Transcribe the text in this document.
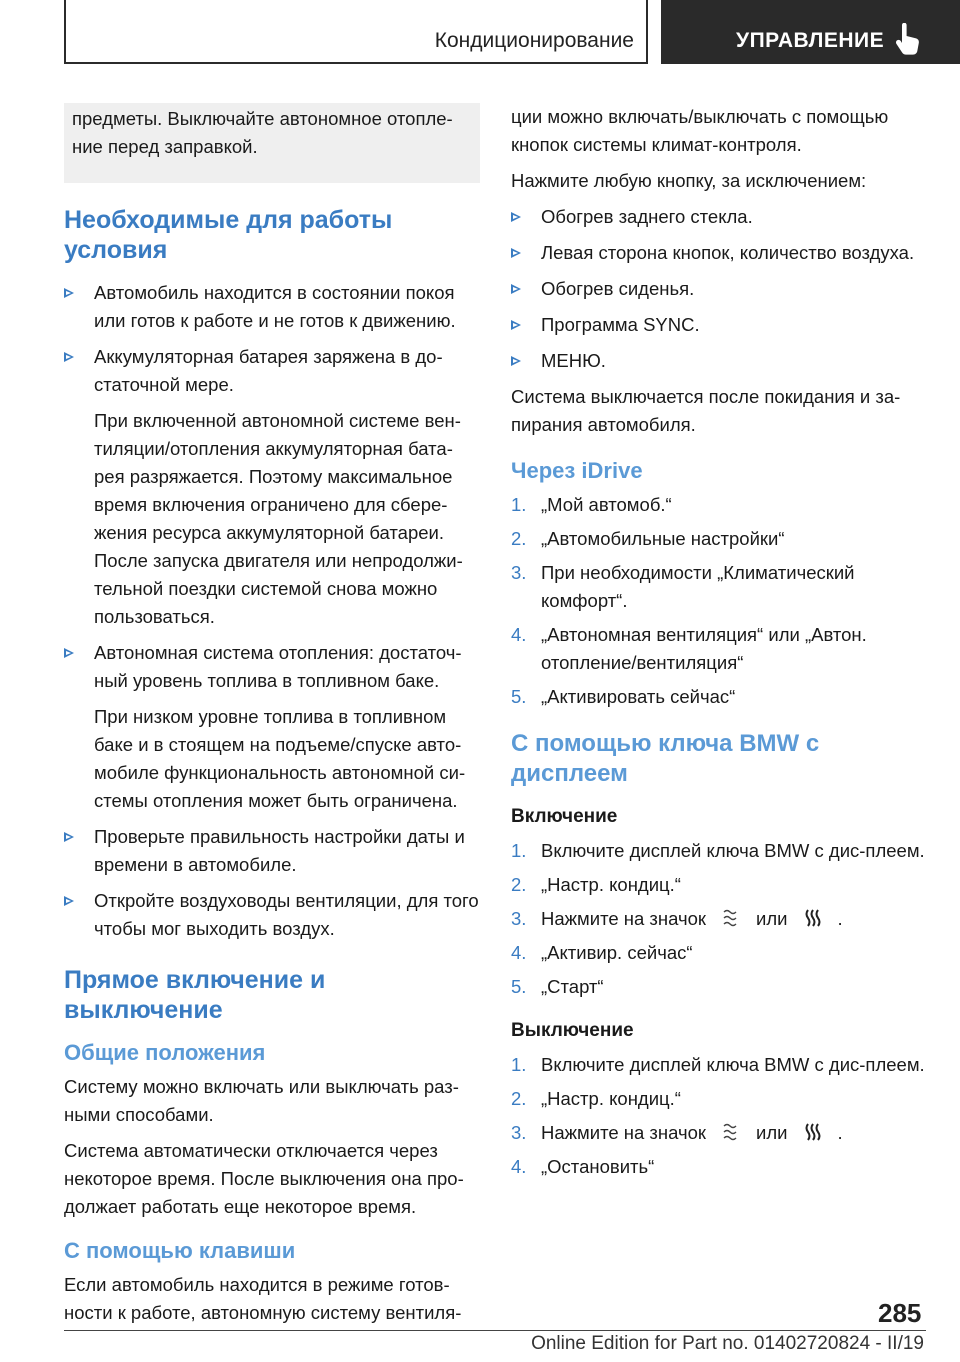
Кондиционирование	УПРАВЛЕНИЕ

предметы. Выключайте автономное отопле-ние перед заправкой.

Необходимые для работы условия

Автомобиль находится в состоянии покоя или готов к работе и не готов к движению.

Аккумуляторная батарея заряжена в до-статочной мере.

При включенной автономной системе вен-тиляции/отопления аккумуляторная бата-рея разряжается. Поэтому максимальное время включения ограничено для сбере-жения ресурса аккумуляторной батареи. После запуска двигателя или непродолжи-тельной поездки системой снова можно пользоваться.

Автономная система отопления: достаточ-ный уровень топлива в топливном баке.

При низком уровне топлива в топливном баке и в стоящем на подъеме/спуске авто-мобиле функциональность автономной си-стемы отопления может быть ограничена.

Проверьте правильность настройки даты и времени в автомобиле.

Откройте воздуховоды вентиляции, для того чтобы мог выходить воздух.

Прямое включение и выключение
Общие положения

Систему можно включать или выключать раз-ными способами.

Система автоматически отключается через некоторое время. После выключения она про-должает работать еще некоторое время.

С помощью клавиши

Если автомобиль находится в режиме готов-ности к работе, автономную систему вентиля-

ции можно включать/выключать с помощью кнопок системы климат-контроля.

Нажмите любую кнопку, за исключением:

Обогрев заднего стекла.

Левая сторона кнопок, количество воздуха.

Обогрев сиденья.

Программа SYNC.

МЕНЮ.

Система выключается после покидания и за-пирания автомобиля.

Через iDrive
1. „Мой автомоб.“

2. „Автомобильные настройки“

3. При необходимости „Климатический комфорт“.

4. „Автономная вентиляция“ или „Автон. отопление/вентиляция“

5. „Активировать сейчас“

С помощью ключа BMW с дисплеем
Включение
1. Включите дисплей ключа BMW с дис-плеем.

2. „Настр. кондиц.“

3. Нажмите на значок	или	.

4. „Активир. сейчас“

5. „Старт“

Выключение
1. Включите дисплей ключа BMW с дис-плеем.

2. „Настр. кондиц.“

3. Нажмите на значок	или	.

4. „Остановить“

285
Online Edition for Part no. 01402720824 - II/19
